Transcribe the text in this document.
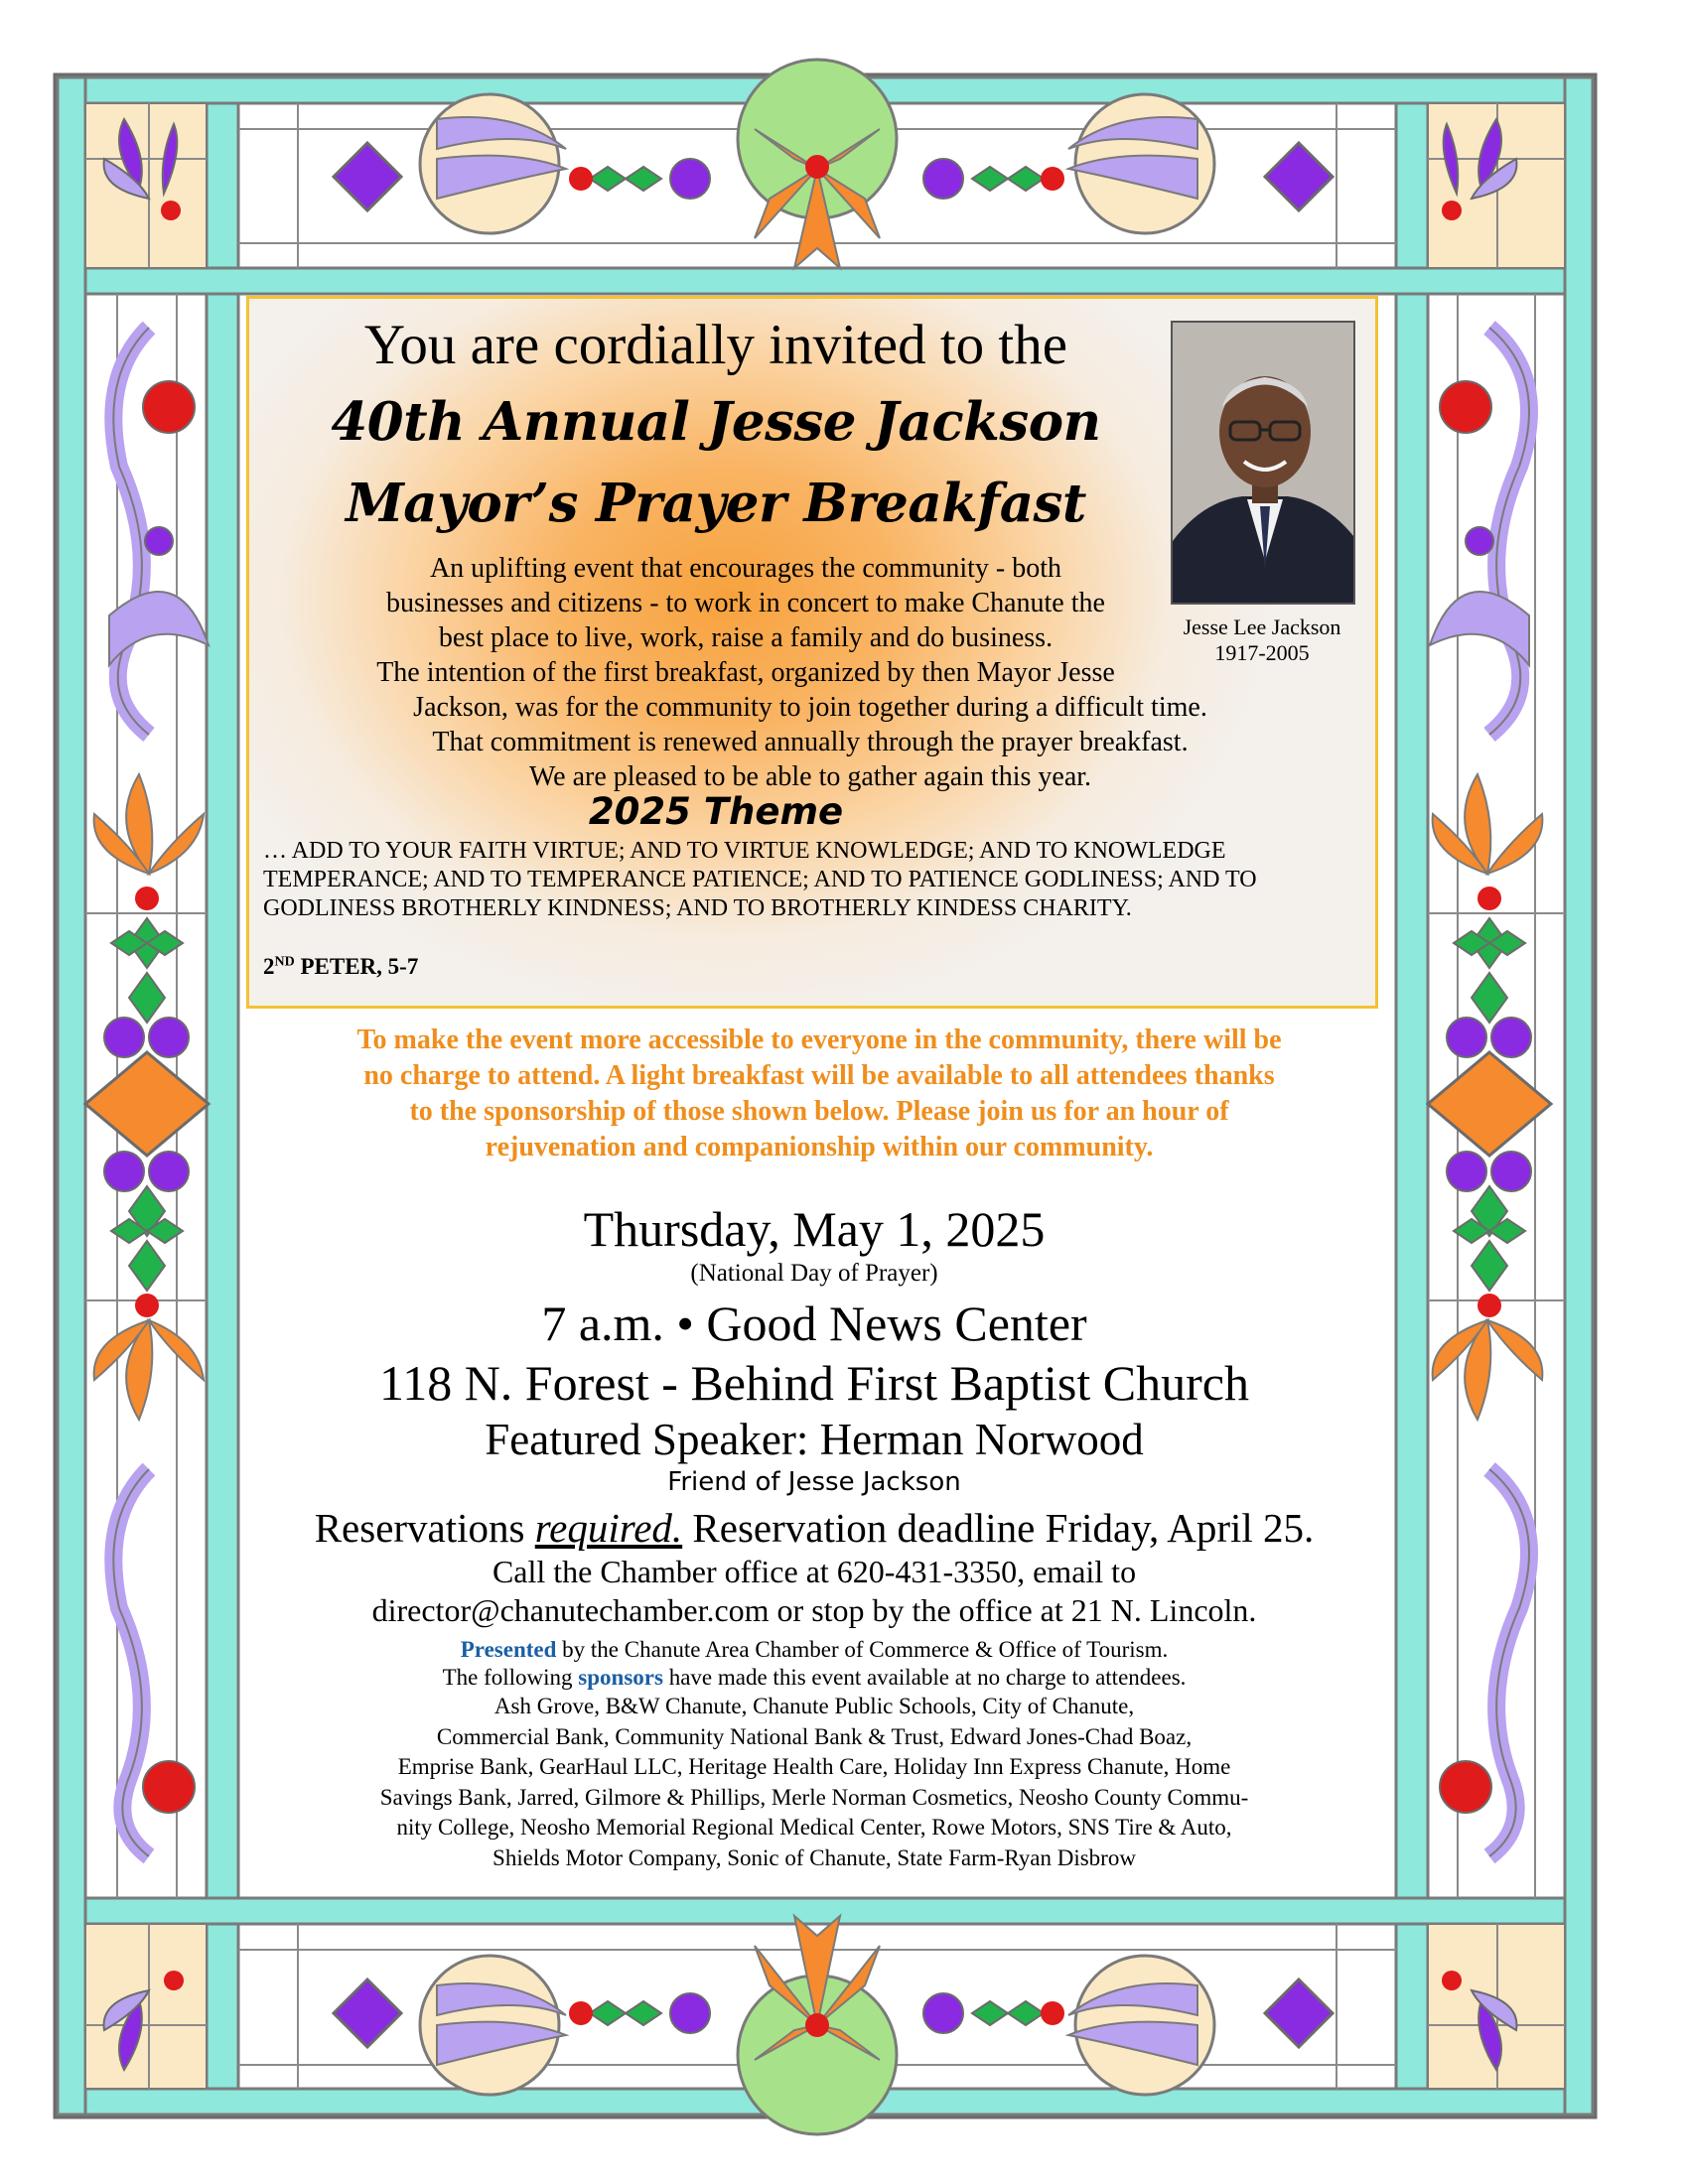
You are cordially invited to the
40th Annual Jesse Jackson
Mayor’s Prayer Breakfast
An uplifting event that encourages the community - both
businesses and citizens - to work in concert to make Chanute the
best place to live, work, raise a family and do business.
The intention of the first breakfast, organized by then Mayor Jesse
Jackson, was for the community to join together during a difficult time.
That commitment is renewed annually through the prayer breakfast.
We are pleased to be able to gather again this year.
2025 Theme
… ADD TO YOUR FAITH VIRTUE; AND TO VIRTUE KNOWLEDGE; AND TO KNOWLEDGE TEMPERANCE; AND TO TEMPERANCE PATIENCE; AND TO PATIENCE GODLINESS; AND TO GODLINESS BROTHERLY KINDNESS; AND TO BROTHERLY KINDESS CHARITY.
2ND PETER, 5-7
Jesse Lee Jackson
1917-2005
To make the event more accessible to everyone in the community, there will be
no charge to attend. A light breakfast will be available to all attendees thanks
to the sponsorship of those shown below. Please join us for an hour of
rejuvenation and companionship within our community.
Thursday, May 1, 2025
(National Day of Prayer)
7 a.m. • Good News Center
118 N. Forest - Behind First Baptist Church
Featured Speaker: Herman Norwood
Friend of Jesse Jackson
Reservations required. Reservation deadline Friday, April 25.
Call the Chamber office at 620-431-3350, email to
director@chanutechamber.com or stop by the office at 21 N. Lincoln.
Presented by the Chanute Area Chamber of Commerce & Office of Tourism.
The following sponsors have made this event available at no charge to attendees.
Ash Grove, B&W Chanute, Chanute Public Schools, City of Chanute,
Commercial Bank, Community National Bank & Trust, Edward Jones-Chad Boaz,
Emprise Bank, GearHaul LLC, Heritage Health Care, Holiday Inn Express Chanute, Home
Savings Bank, Jarred, Gilmore & Phillips, Merle Norman Cosmetics, Neosho County Commu-
nity College, Neosho Memorial Regional Medical Center, Rowe Motors, SNS Tire & Auto,
Shields Motor Company, Sonic of Chanute, State Farm-Ryan Disbrow
